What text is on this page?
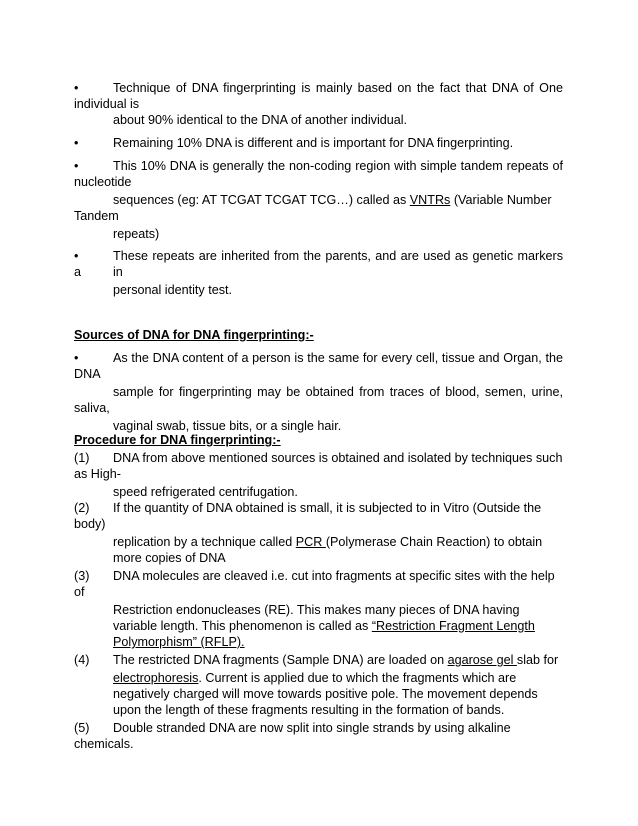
•	Technique of DNA fingerprinting is mainly based on the fact that DNA of One
individual is
about 90% identical to the DNA of another individual.
•	Remaining 10% DNA is different and is important for DNA fingerprinting.
•	This 10% DNA is generally the non-coding region with simple tandem repeats of
nucleotide
sequences (eg: AT TCGAT TCGAT TCG…) called as VNTRs (Variable Number
Tandem
repeats)
•	These repeats are inherited from the parents, and are used as genetic markers in
a
personal identity test.
Sources of DNA for DNA fingerprinting:-
•	As the DNA content of a person is the same for every cell, tissue and Organ, the
DNA
sample for fingerprinting may be obtained from traces of blood, semen, urine,
saliva,
vaginal swab, tissue bits, or a single hair.
Procedure for DNA fingerprinting:-
(1)	DNA from above mentioned sources is obtained and isolated by techniques such
as High-
speed refrigerated centrifugation.
(2)	If the quantity of DNA obtained is small, it is subjected to in Vitro (Outside the
body)
replication by a technique called PCR (Polymerase Chain Reaction) to obtain
more copies of DNA
(3)	DNA molecules are cleaved i.e. cut into fragments at specific sites with the help
of
Restriction endonucleases (RE). This makes many pieces of DNA having
variable length. This phenomenon is called as “Restriction Fragment Length
Polymorphism” (RFLP).
(4)	The restricted DNA fragments (Sample DNA) are loaded on agarose gel slab for
electrophoresis. Current is applied due to which the fragments which are
negatively charged will move towards positive pole. The movement depends
upon the length of these fragments resulting in the formation of bands.
(5)	Double stranded DNA are now split into single strands by using alkaline
chemicals.
